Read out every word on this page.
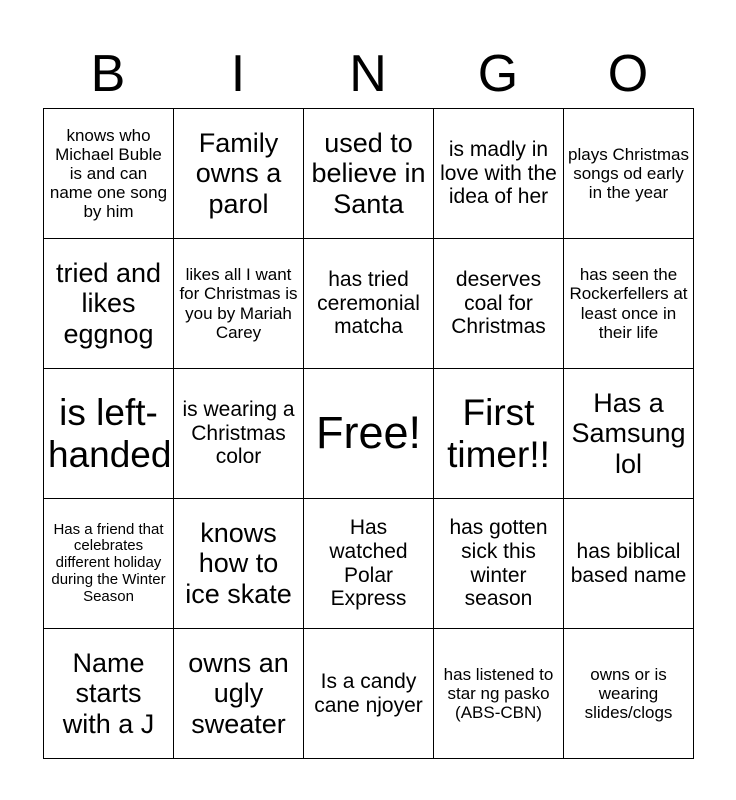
B	I	N	G	O
knows who Michael Buble is and can name one song by him	Family owns a parol	used to believe in Santa	is madly in love with the idea of her	plays Christmas songs od early in the year
tried and likes eggnog	likes all I want for Christmas is you by Mariah Carey	has tried ceremonial matcha	deserves coal for Christmas	has seen the Rockerfellers at least once in their life
is left-handed	is wearing a Christmas color	Free!	First timer!!	Has a Samsung lol
Has a friend that celebrates different holiday during the Winter Season	knows how to ice skate	Has watched Polar Express	has gotten sick this winter season	has biblical based name
Name starts with a J	owns an ugly sweater	Is a candy cane njoyer	has listened to star ng pasko (ABS-CBN)	owns or is wearing slides/clogs
